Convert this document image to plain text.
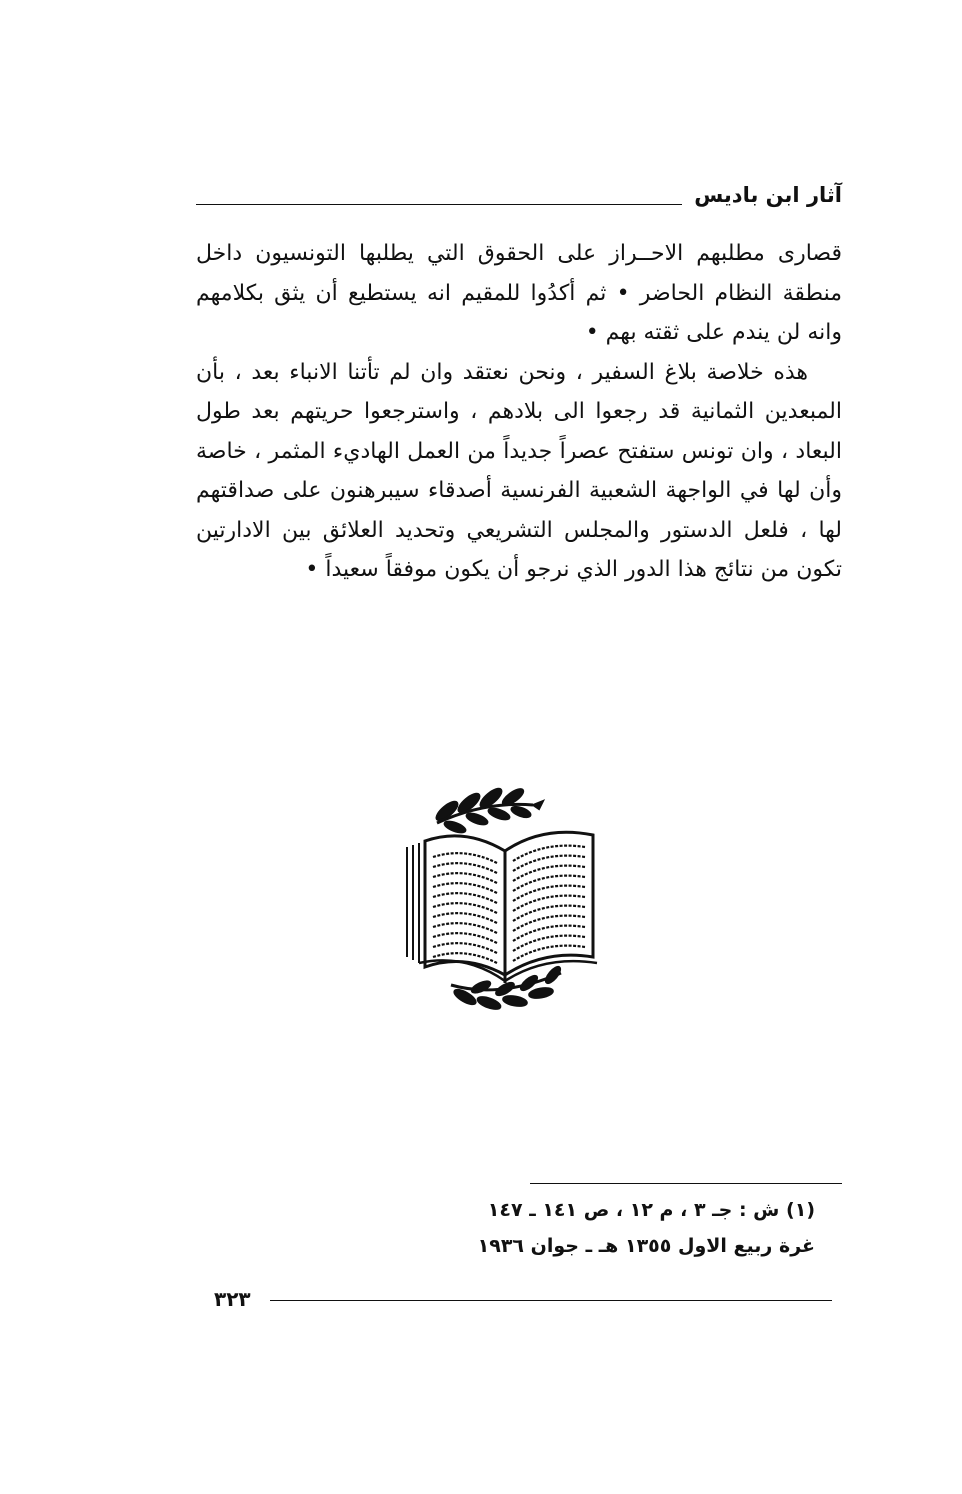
آثار ابن باديس

قصارى مطلبهم الاحــراز على الحقوق التي يطلبها التونسيون داخل منطقة النظام الحاضر • ثم أكدُوا للمقيم انه يستطيع أن يثق بكلامهم وانه لن يندم على ثقته بهم •

هذه خلاصة بلاغ السفير ، ونحن نعتقد وان لم تأتنا الانباء بعد ، بأن المبعدين الثمانية قد رجعوا الى بلادهم ، واسترجعوا حريتهم بعد طول البعاد ، وان تونس ستفتح عصراً جديداً من العمل الهاديء المثمر ، خاصة وأن لها في الواجهة الشعبية الفرنسية أصدقاء سيبرهنون على صداقتهم لها ، فلعل الدستور والمجلس التشريعي وتحديد العلائق بين الادارتين تكون من نتائج هذا الدور الذي نرجو أن يكون موفقاً سعيداً •

(١) ش : جـ ٣ ، م ١٢ ، ص ١٤١ ـ ١٤٧
غرة ربيع الاول ١٣٥٥ هـ ـ جوان ١٩٣٦
٣٢٣
